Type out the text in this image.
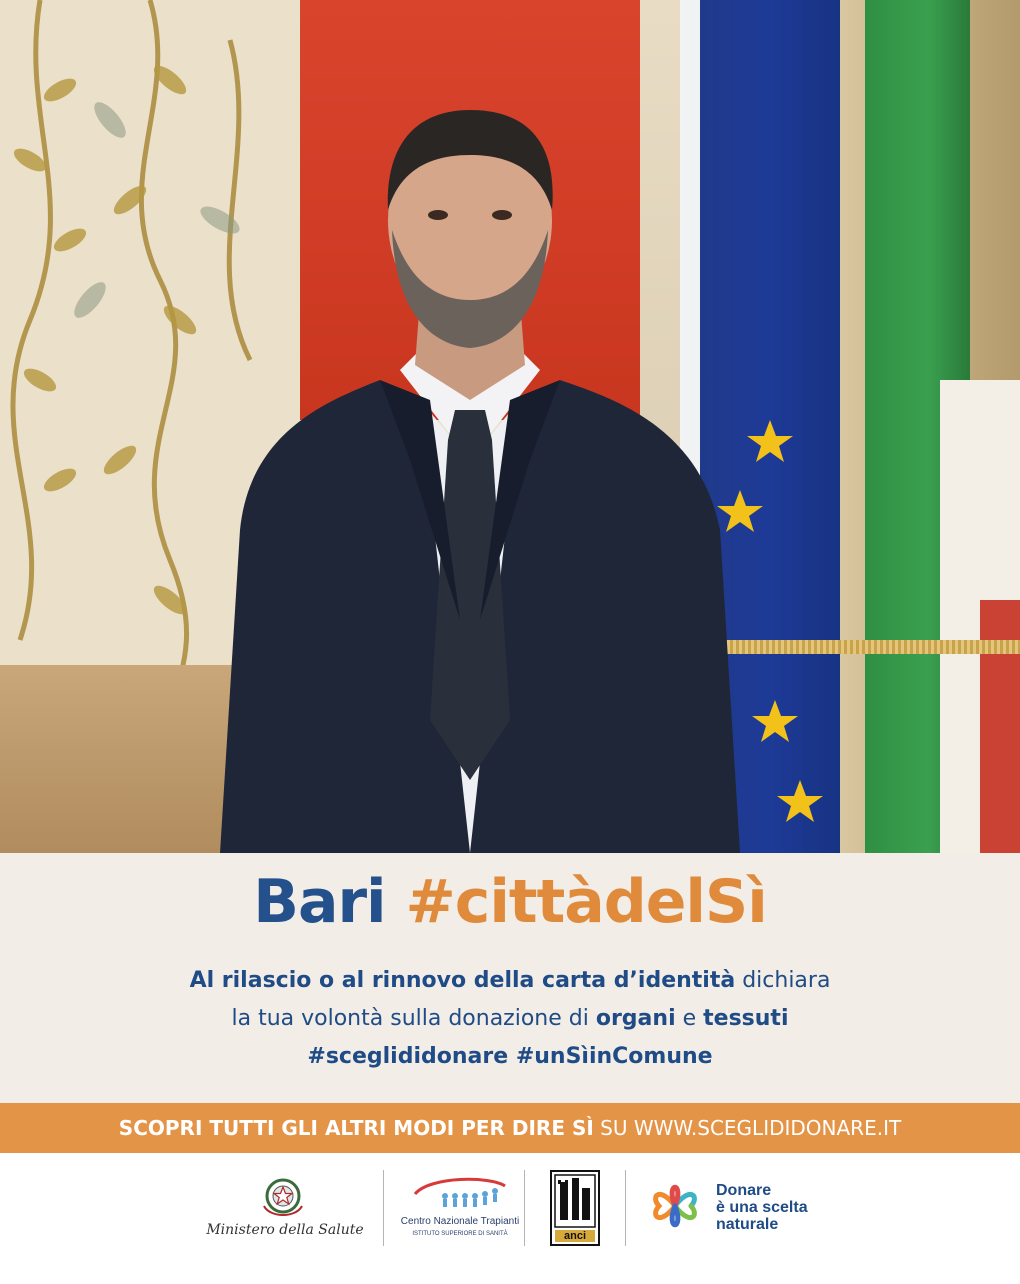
Bari #cittàdelSì
Al rilascio o al rinnovo della carta d’identità dichiara
la tua volontà sulla donazione di organi e tessuti
#sceglididonare #unSìinComune
SCOPRI TUTTI GLI ALTRI MODI PER DIRE SÌ SU WWW.SCEGLIDIDONARE.IT
Ministero della Salute
Centro Nazionale Trapianti
ISTITUTO SUPERIORE DI SANITÀ	anci
Donare
è una scelta
naturale
